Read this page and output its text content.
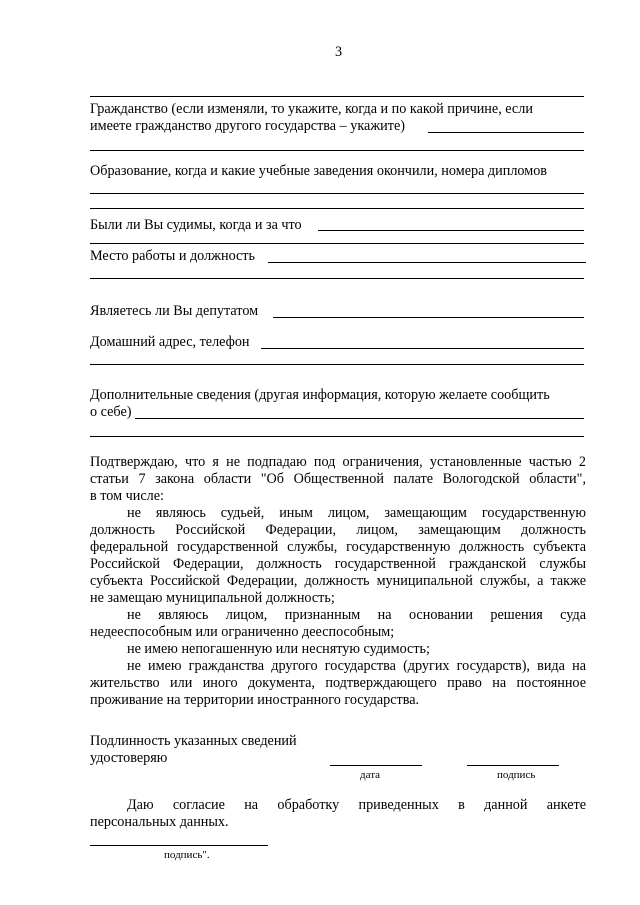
3
Гражданство (если изменяли, то укажите, когда и по какой причине, если
имеете гражданство другого государства – укажите)
Образование, когда и какие учебные заведения окончили, номера дипломов
Были ли Вы судимы, когда и за что
Место работы и должность
Являетесь ли Вы депутатом
Домашний адрес, телефон
Дополнительные сведения (другая информация, которую желаете сообщить
о себе)
Подтверждаю, что я не подпадаю под ограничения, установленные частью 2
статьи 7 закона области "Об Общественной палате Вологодской области",
в том числе:
не являюсь судьей, иным лицом, замещающим государственную
должность Российской Федерации, лицом, замещающим должность
федеральной государственной службы, государственную должность субъекта
Российской Федерации, должность государственной гражданской службы
субъекта Российской Федерации, должность муниципальной службы, а также
не замещаю муниципальной должность;
не являюсь лицом, признанным на основании решения суда
недееспособным или ограниченно дееспособным;
не имею непогашенную или неснятую судимость;
не имею гражданства другого государства (других государств), вида на
жительство или иного документа, подтверждающего право на постоянное
проживание на территории иностранного государства.
Подлинность указанных сведений
удостоверяю
дата	подпись
Даю согласие на обработку приведенных в данной анкете
персональных данных.
подпись".
